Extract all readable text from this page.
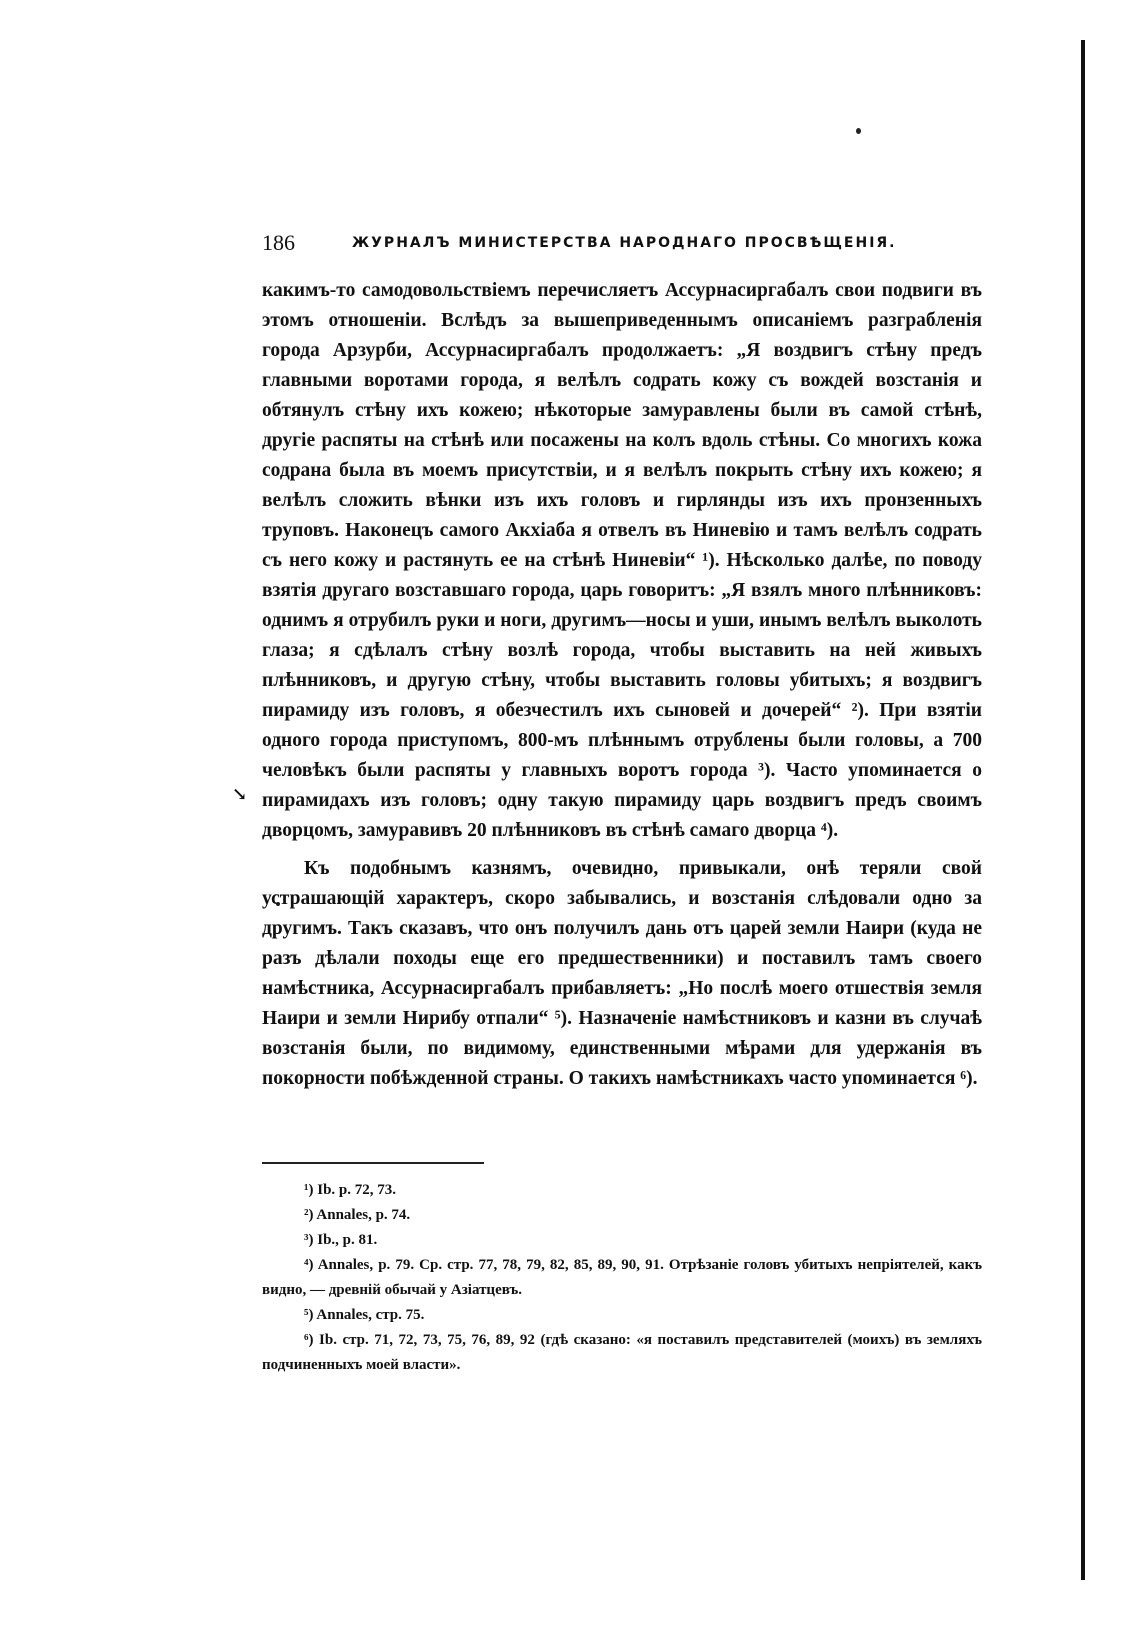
186	ЖУРНАЛЪ МИНИСТЕРСТВА НАРОДНАГО ПРОСВѢЩЕНІЯ.
↘

какимъ-то самодовольствіемъ перечисляетъ Ассурнасиргабалъ свои подвиги въ этомъ отношеніи. Вслѣдъ за вышеприведеннымъ описаніемъ разграбленія города Арзурби, Ассурнасиргабалъ продолжаетъ: „Я воздвигъ стѣну предъ главными воротами города, я велѣлъ содрать кожу съ вождей возстанія и обтянулъ стѣну ихъ кожею; нѣкоторые замуравлены были въ самой стѣнѣ, другіе распяты на стѣнѣ или посажены на колъ вдоль стѣны. Со многихъ кожа содрана была въ моемъ присутствіи, и я велѣлъ покрыть стѣну ихъ кожею; я велѣлъ сложить вѣнки изъ ихъ головъ и гирлянды изъ ихъ пронзенныхъ труповъ. Наконецъ самого Акхіаба я отвелъ въ Ниневію и тамъ велѣлъ содрать съ него кожу и растянуть ее на стѣнѣ Ниневіи“ ¹). Нѣсколько далѣе, по поводу взятія другаго возставшаго города, царь говоритъ: „Я взялъ много плѣнниковъ: однимъ я отрубилъ руки и ноги, другимъ—носы и уши, инымъ велѣлъ выколоть глаза; я сдѣлалъ стѣну возлѣ города, чтобы выставить на ней живыхъ плѣнниковъ, и другую стѣну, чтобы выставить головы убитыхъ; я воздвигъ пирамиду изъ головъ, я обезчестилъ ихъ сыновей и дочерей“ ²). При взятіи одного города приступомъ, 800-мъ плѣннымъ отрублены были головы, а 700 человѣкъ были распяты у главныхъ воротъ города ³). Часто упоминается о пирамидахъ изъ головъ; одну такую пирамиду царь воздвигъ предъ своимъ дворцомъ, замуравивъ 20 плѣнниковъ въ стѣнѣ самаго дворца ⁴).

Къ подобнымъ казнямъ, очевидно, привыкали, онѣ теряли свой устрашающій характеръ, скоро забывались, и возстанія слѣдовали одно за другимъ. Такъ сказавъ, что онъ получилъ дань отъ царей земли Наири (куда не разъ дѣлали походы еще его предшественники) и поставилъ тамъ своего намѣстника, Ассурнасиргабалъ прибавляетъ: „Но послѣ моего отшествія земля Наири и земли Нирибу отпали“ ⁵). Назначеніе намѣстниковъ и казни въ случаѣ возстанія были, по видимому, единственными мѣрами для удержанія въ покорности побѣжденной страны. О такихъ намѣстникахъ часто упоминается ⁶).

¹) Ib. p. 72, 73.

²) Annales, p. 74.

³) Ib., p. 81.

⁴) Annales, p. 79. Ср. стр. 77, 78, 79, 82, 85, 89, 90, 91. Отрѣзаніе головъ убитыхъ непріятелей, какъ видно, — древній обычай у Азіатцевъ.

⁵) Annales, стр. 75.

⁶) Ib. стр. 71, 72, 73, 75, 76, 89, 92 (гдѣ сказано: «я поставилъ представителей (моихъ) въ земляхъ подчиненныхъ моей власти».
